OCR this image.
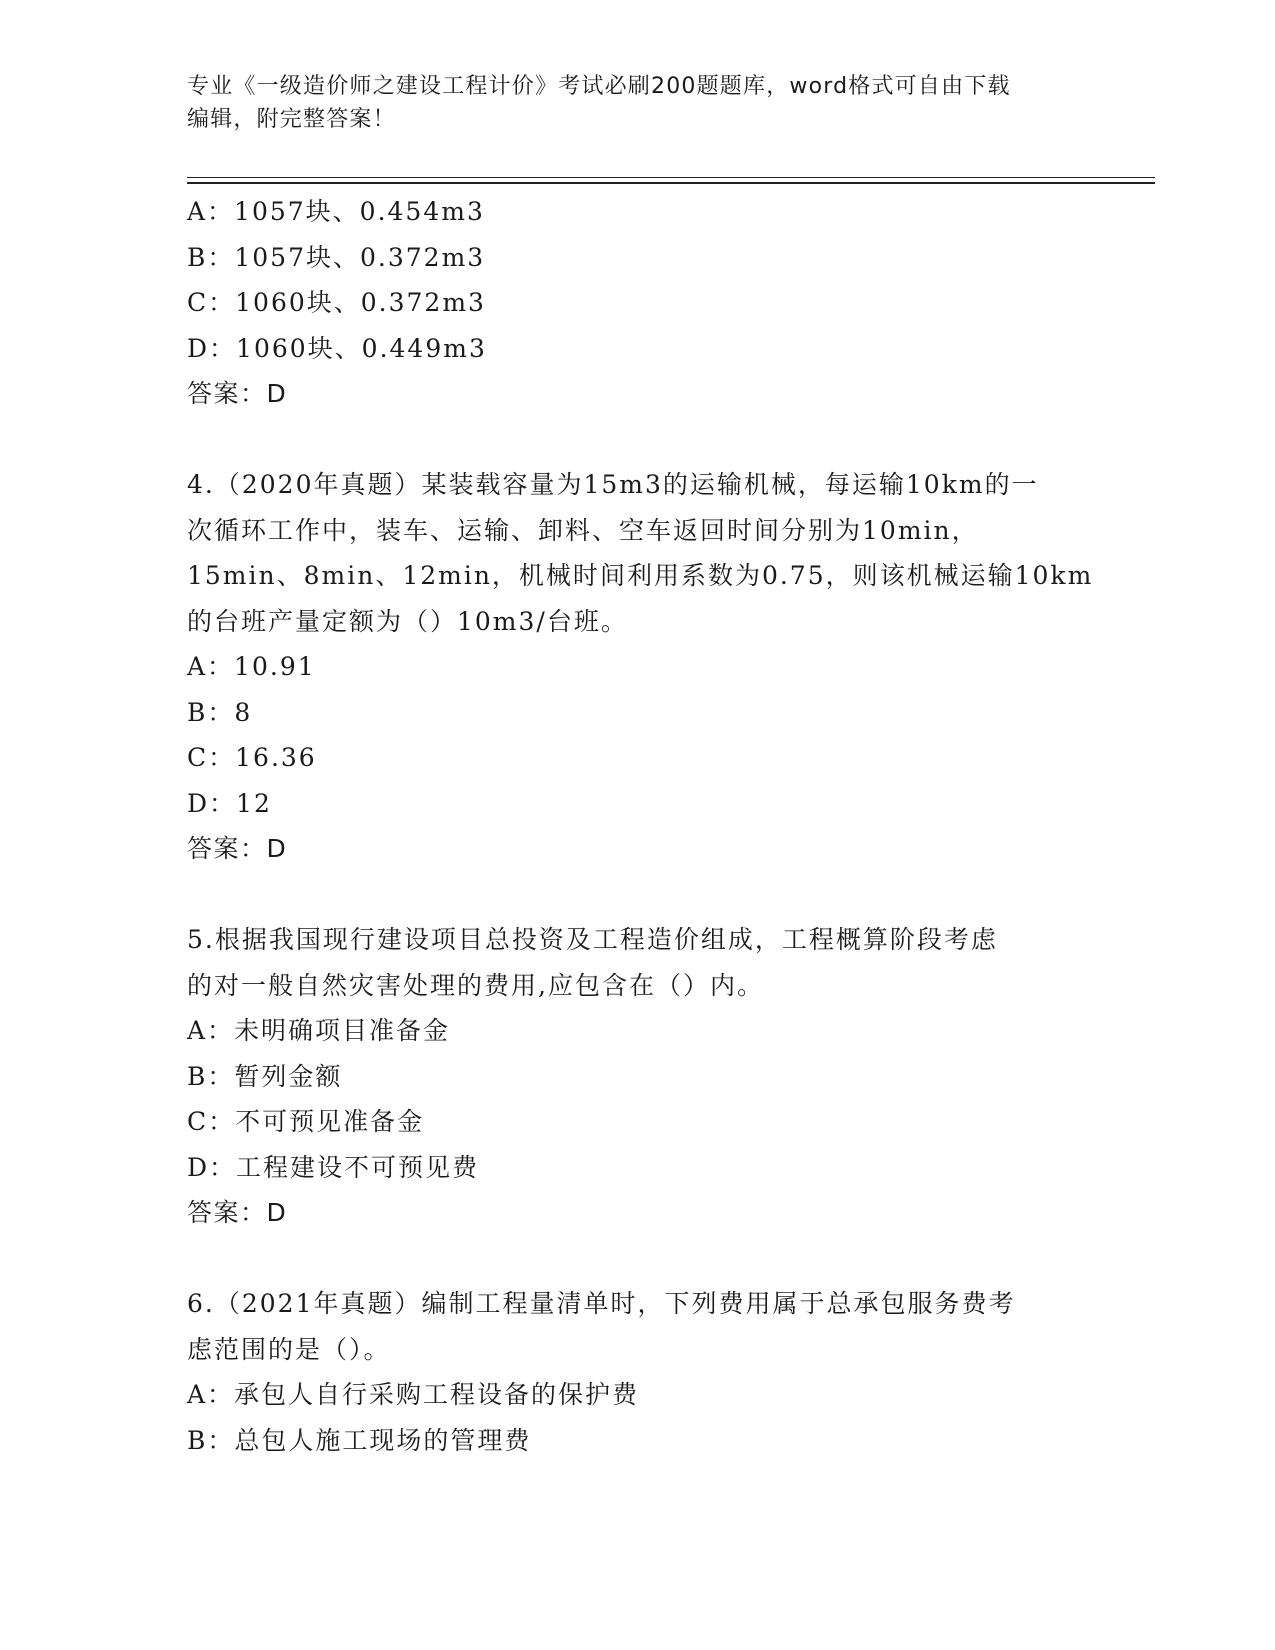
专业《一级造价师之建设工程计价》考试必刷200题题库，word格式可自由下载
编辑，附完整答案！
A：1057块、0.454m3
B：1057块、0.372m3
C：1060块、0.372m3
D：1060块、0.449m3
答案：D
4.（2020年真题）某装载容量为15m3的运输机械，每运输10km的一
次循环工作中，装车、运输、卸料、空车返回时间分别为10min，
15min、8min、12min，机械时间利用系数为0.75，则该机械运输10km
的台班产量定额为（）10m3/台班。
A：10.91
B：8
C：16.36
D：12
答案：D
5.根据我国现行建设项目总投资及工程造价组成，工程概算阶段考虑
的对一般自然灾害处理的费用,应包含在（）内。
A：未明确项目准备金
B：暂列金额
C：不可预见准备金
D：工程建设不可预见费
答案：D
6.（2021年真题）编制工程量清单时，下列费用属于总承包服务费考
虑范围的是（）。
A：承包人自行采购工程设备的保护费
B：总包人施工现场的管理费
